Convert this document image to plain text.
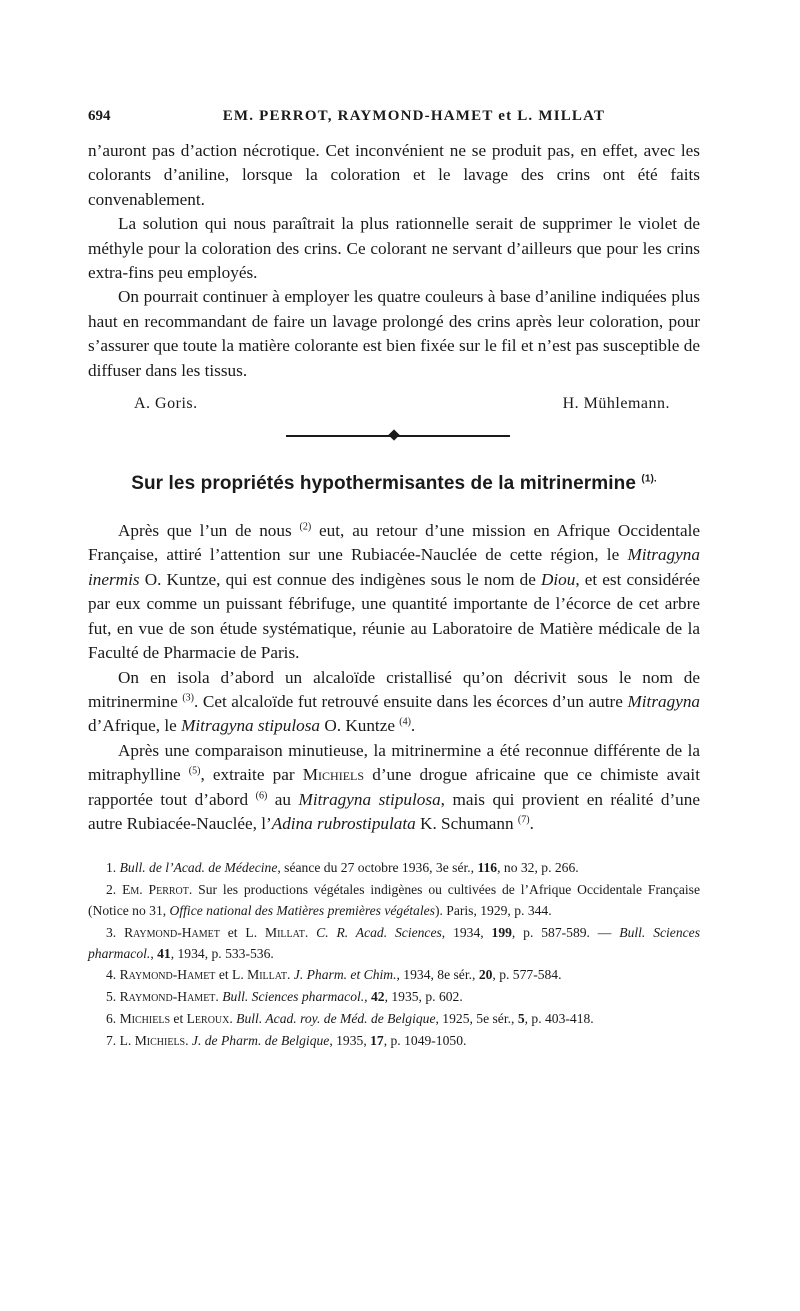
694	EM. PERROT, RAYMOND-HAMET et L. MILLAT

n’auront pas d’action nécrotique. Cet inconvénient ne se produit pas, en effet, avec les colorants d’aniline, lorsque la coloration et le lavage des crins ont été faits convenablement.

La solution qui nous paraîtrait la plus rationnelle serait de supprimer le violet de méthyle pour la coloration des crins. Ce colorant ne servant d’ailleurs que pour les crins extra-fins peu employés.

On pourrait continuer à employer les quatre couleurs à base d’aniline indiquées plus haut en recommandant de faire un lavage prolongé des crins après leur coloration, pour s’assurer que toute la matière colorante est bien fixée sur le fil et n’est pas susceptible de diffuser dans les tissus.

A. Goris.	H. Mühlemann.
Sur les propriétés hypothermisantes de la mitrinermine $^{(1).}$

Après que l’un de nous $^{(2)}$ eut, au retour d’une mission en Afrique Occidentale Française, attiré l’attention sur une Rubiacée-Nauclée de cette région, le Mitragyna inermis O. Kuntze, qui est connue des indigènes sous le nom de Diou, et est considérée par eux comme un puissant fébrifuge, une quantité importante de l’écorce de cet arbre fut, en vue de son étude systématique, réunie au Laboratoire de Matière médicale de la Faculté de Pharmacie de Paris.

On en isola d’abord un alcaloïde cristallisé qu’on décrivit sous le nom de mitrinermine $^{(3)}$. Cet alcaloïde fut retrouvé ensuite dans les écorces d’un autre Mitragyna d’Afrique, le Mitragyna stipulosa O. Kuntze $^{(4)}$.

Après une comparaison minutieuse, la mitrinermine a été reconnue différente de la mitraphylline $^{(5)}$, extraite par Michiels d’une drogue africaine que ce chimiste avait rapportée tout d’abord $^{(6)}$ au Mitragyna stipulosa, mais qui provient en réalité d’une autre Rubiacée-Nauclée, l’Adina rubrostipulata K. Schumann $^{(7)}$.

1. Bull. de l’Acad. de Médecine, séance du 27 octobre 1936, 3e sér., 116, no 32, p. 266.

2. Em. Perrot. Sur les productions végétales indigènes ou cultivées de l’Afrique Occidentale Française (Notice no 31, Office national des Matières premières végétales). Paris, 1929, p. 344.

3. Raymond-Hamet et L. Millat. C. R. Acad. Sciences, 1934, 199, p. 587-589. — Bull. Sciences pharmacol., 41, 1934, p. 533-536.

4. Raymond-Hamet et L. Millat. J. Pharm. et Chim., 1934, 8e sér., 20, p. 577-584.

5. Raymond-Hamet. Bull. Sciences pharmacol., 42, 1935, p. 602.

6. Michiels et Leroux. Bull. Acad. roy. de Méd. de Belgique, 1925, 5e sér., 5, p. 403-418.

7. L. Michiels. J. de Pharm. de Belgique, 1935, 17, p. 1049-1050.
